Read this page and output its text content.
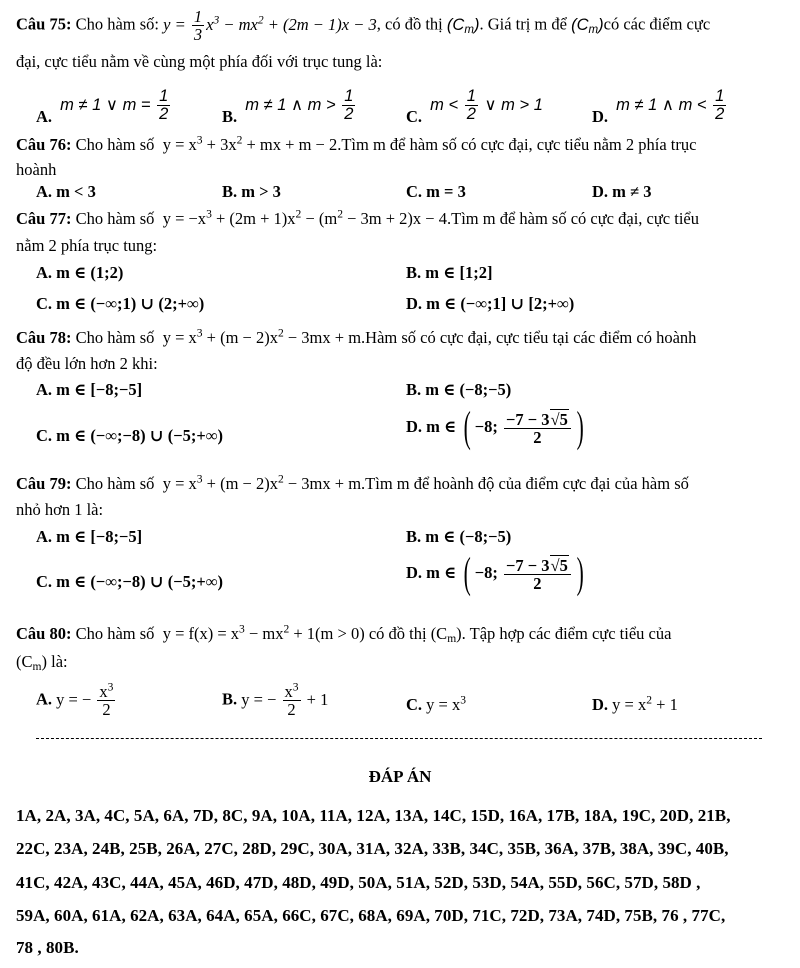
Câu 75: Cho hàm số: $y = \frac{1}{3} x^3 - mx^2 + (2m - 1)x - 3$, có đồ thị $(C_m)$. Giá trị m để $(C_m)có$ các điểm cực
đại, cực tiểu nằm về cùng một phía đối với trục tung là:
A. m ≠ 1 ∨ $m = \frac{1}{2}$	B. m ≠ 1 ∧ $m > \frac{1}{2}$	C. $m < \frac{1}{2}$ ∨ m > 1
D. m ≠ 1 ∧ $m < \frac{1}{2}$
Câu 76: Cho hàm số  $y = x^3 + 3x^2$ + mx + m − 2.Tìm m để hàm số có cực đại, cực tiểu nằm 2 phía trục
hoành
A. m < 3	B. m > 3	C. m = 3	D. m ≠ 3
Câu 77: Cho hàm số  $y = -x^3 + (2m + 1)x^2 - (m^2 - 3m + 2)x$ − 4.Tìm m để hàm số có cực đại, cực tiểu
nằm 2 phía trục tung:
A. m ∈ (1;2)	B. m ∈ [1;2]
C. m ∈ (−∞;1) ∪ (2;+∞)	D. m ∈ (−∞;1] ∪ [2;+∞)
Câu 78: Cho hàm số  $y = x^3 + (m - 2)x^2 - 3mx$ + m.Hàm số có cực đại, cực tiểu tại các điểm có hoành
độ đều lớn hơn 2 khi:
A. m ∈ [−8;−5]	B. m ∈ (−8;−5)
C. m ∈ (−∞;−8) ∪ (−5;+∞)	D. m ∈ ( −8; $\frac{-7 - 3√5}{2}$ )
Câu 79: Cho hàm số  $y = x^3 + (m - 2)x^2 - 3mx$ + m.Tìm m để hoành độ của điểm cực đại của hàm số
nhỏ hơn 1 là:
A. m ∈ [−8;−5]	B. m ∈ (−8;−5)
C. m ∈ (−∞;−8) ∪ (−5;+∞)	D. m ∈ ( −8; $\frac{-7 - 3√5}{2}$ )
Câu 80: Cho hàm số  $y = f(x) = x^3 - mx^2 + 1(m > 0)$ có đồ thị $(C_m)$. Tập hợp các điểm cực tiểu của
$(C_m)$ là:
A. y = − $\frac{x^3}{2}$	B. y = − $\frac{x^3}{2} + 1$	C. $y = x^3$	D. $y = x^2 + 1$
ĐÁP ÁN
1A, 2A, 3A, 4C, 5A, 6A, 7D, 8C, 9A, 10A, 11A, 12A, 13A, 14C, 15D, 16A, 17B, 18A, 19C, 20D, 21B,
22C, 23A, 24B, 25B, 26A, 27C, 28D, 29C, 30A, 31A, 32A, 33B, 34C, 35B, 36A, 37B, 38A, 39C, 40B,
41C, 42A, 43C, 44A, 45A, 46D, 47D, 48D, 49D, 50A, 51A, 52D, 53D, 54A, 55D, 56C, 57D, 58D ,
59A, 60A, 61A, 62A, 63A, 64A, 65A, 66C, 67C, 68A, 69A, 70D, 71C, 72D, 73A, 74D, 75B, 76 , 77C,
78 , 80B.
